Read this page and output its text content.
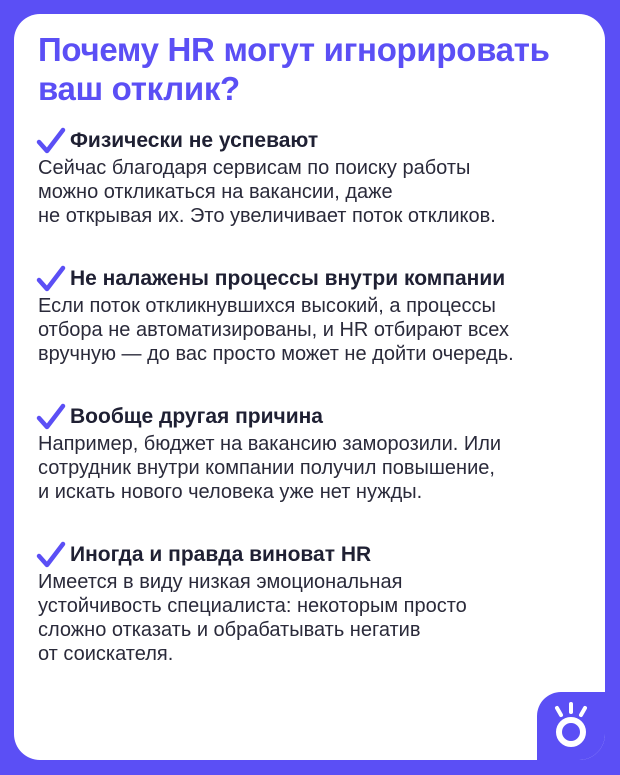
Почему HR могут игнорировать
ваш отклик?
Физически не успевают

Сейчас благодаря сервисам по поиску работы
можно откликаться на вакансии, даже
не открывая их. Это увеличивает поток откликов.

Не налажены процессы внутри компании

Если поток откликнувшихся высокий, а процессы
отбора не автоматизированы, и HR отбирают всех
вручную — до вас просто может не дойти очередь.

Вообще другая причина

Например, бюджет на вакансию заморозили. Или
сотрудник внутри компании получил повышение,
и искать нового человека уже нет нужды.

Иногда и правда виноват HR

Имеется в виду низкая эмоциональная
устойчивость специалиста: некоторым просто
сложно отказать и обрабатывать негатив
от соискателя.
